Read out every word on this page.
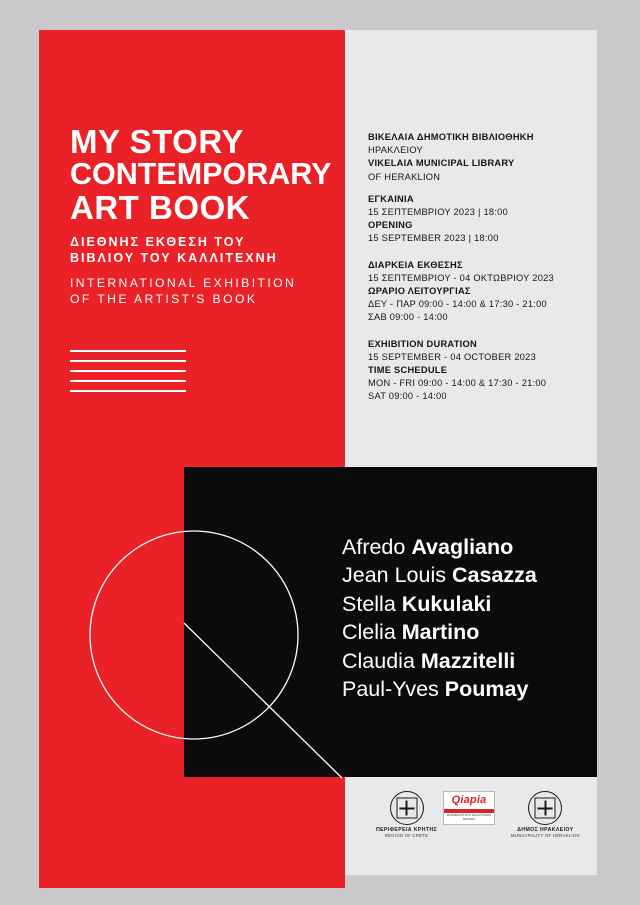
MY STORY
CONTEMPORARY
ART BOOK
ΔΙΕΘΝΗΣ ΕΚΘΕΣΗ ΤΟΥ
ΒΙΒΛΙΟΥ ΤΟΥ ΚΑΛΛΙΤΕΧΝΗ
INTERNATIONAL EXHIBITION
OF THE ARTIST'S BOOK
ΒΙΚΕΛΑΙΑ ΔΗΜΟΤΙΚΗ ΒΙΒΛΙΟΘΗΚΗ
ΗΡΑΚΛΕΙΟΥ
VIKELAIA MUNICIPAL LIBRARY
OF HERAKLION
ΕΓΚΑΙΝΙΑ
15 ΣΕΠΤΕΜΒΡΙΟΥ 2023 | 18:00
OPENING
15 SEPTEMBER 2023 | 18:00
ΔΙΑΡΚΕΙΑ ΕΚΘΕΣΗΣ
15 ΣΕΠΤΕΜΒΡΙΟΥ - 04 ΟΚΤΩΒΡΙΟΥ 2023
ΩΡΑΡΙΟ ΛΕΙΤΟΥΡΓΙΑΣ
ΔΕΥ - ΠΑΡ 09:00 - 14:00 & 17:30 - 21:00
ΣΑΒ 09:00 - 14:00
EXHIBITION DURATION
15 SEPTEMBER - 04 OCTOBER 2023
TIME SCHEDULE
MON - FRI 09:00 - 14:00 & 17:30 - 21:00
SAT 09:00 - 14:00
Afredo Avagliano
Jean Louis Casazza
Stella Kukulaki
Clelia Martino
Claudia Mazzitelli
Paul-Yves Poumay
ΠΕΡΙΦΕΡΕΙΑ ΚΡΗΤΗΣ
REGION OF CRETE
Qiapia
ΕΠΙΜΕΛΗΤΗΡΙΟ ΕΙΚΑΣΤΙΚΩΝ ΤΕΧΝΩΝ
ΔΗΜΟΣ ΗΡΑΚΛΕΙΟΥ
MUNICIPALITY OF HERAKLION
